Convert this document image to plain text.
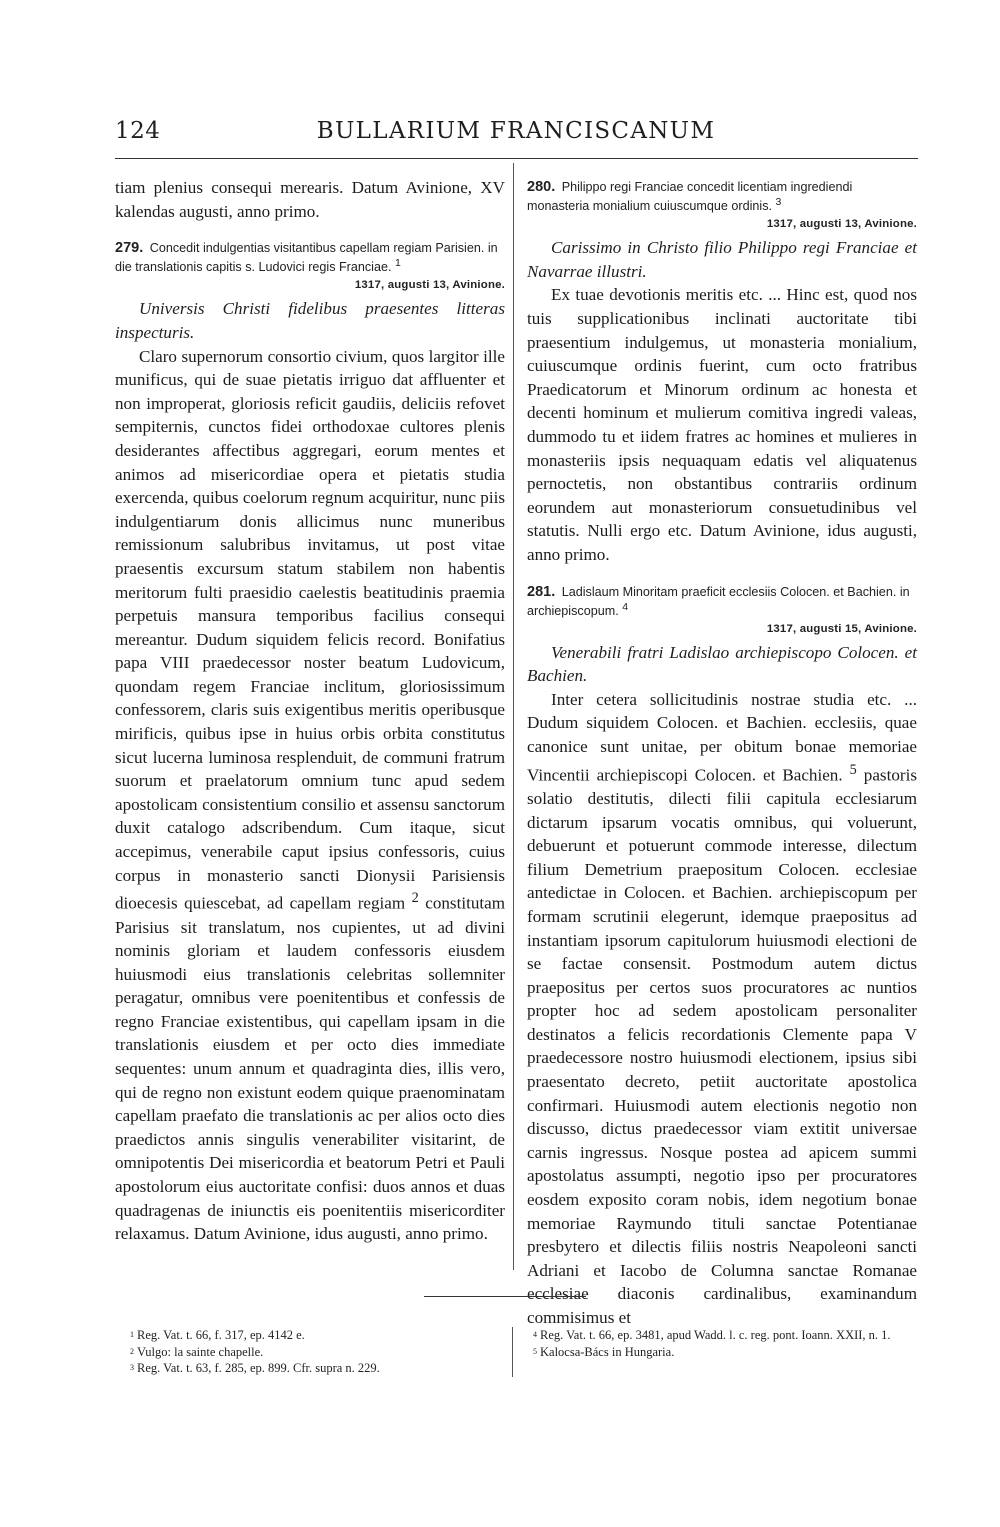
124	BULLARIUM FRANCISCANUM

tiam plenius consequi merearis. Datum Avinione, XV kalendas augusti, anno primo.

279. Concedit indulgentias visitantibus capellam regiam Parisien. in die translationis capitis s. Ludovici regis Franciae. $^1$

1317, augusti 13, Avinione.

Universis Christi fidelibus praesentes litteras inspecturis.

Claro supernorum consortio civium, quos largitor ille munificus, qui de suae pietatis irriguo dat affluenter et non improperat, gloriosis reficit gaudiis, deliciis refovet sempiternis, cunctos fidei orthodoxae cultores plenis desiderantes affectibus aggregari, eorum mentes et animos ad misericordiae opera et pietatis studia exercenda, quibus coelorum regnum acquiritur, nunc piis indulgentiarum donis allicimus nunc muneribus remissionum salubribus invitamus, ut post vitae praesentis excursum statum stabilem non habentis meritorum fulti praesidio caelestis beatitudinis praemia perpetuis mansura temporibus facilius consequi mereantur. Dudum siquidem felicis record. Bonifatius papa VIII praedecessor noster beatum Ludovicum, quondam regem Franciae inclitum, gloriosissimum confessorem, claris suis exigentibus meritis operibusque mirificis, quibus ipse in huius orbis orbita constitutus sicut lucerna luminosa resplenduit, de communi fratrum suorum et praelatorum omnium tunc apud sedem apostolicam consistentium consilio et assensu sanctorum duxit catalogo adscribendum. Cum itaque, sicut accepimus, venerabile caput ipsius confessoris, cuius corpus in monasterio sancti Dionysii Parisiensis dioecesis quiescebat, ad capellam regiam $^2$ constitutam Parisius sit translatum, nos cupientes, ut ad divini nominis gloriam et laudem confessoris eiusdem huiusmodi eius translationis celebritas sollemniter peragatur, omnibus vere poenitentibus et confessis de regno Franciae existentibus, qui capellam ipsam in die translationis eiusdem et per octo dies immediate sequentes: unum annum et quadraginta dies, illis vero, qui de regno non existunt eodem quique praenominatam capellam praefato die translationis ac per alios octo dies praedictos annis singulis venerabiliter visitarint, de omnipotentis Dei misericordia et beatorum Petri et Pauli apostolorum eius auctoritate confisi: duos annos et duas quadragenas de iniunctis eis poenitentiis misericorditer relaxamus. Datum Avinione, idus augusti, anno primo.

280. Philippo regi Franciae concedit licentiam ingrediendi monasteria monialium cuiuscumque ordinis. $^3$

1317, augusti 13, Avinione.

Carissimo in Christo filio Philippo regi Franciae et Navarrae illustri.

Ex tuae devotionis meritis etc. ... Hinc est, quod nos tuis supplicationibus inclinati auctoritate tibi praesentium indulgemus, ut monasteria monialium, cuiuscumque ordinis fuerint, cum octo fratribus Praedicatorum et Minorum ordinum ac honesta et decenti hominum et mulierum comitiva ingredi valeas, dummodo tu et iidem fratres ac homines et mulieres in monasteriis ipsis nequaquam edatis vel aliquatenus pernoctetis, non obstantibus contrariis ordinum eorundem aut monasteriorum consuetudinibus vel statutis. Nulli ergo etc. Datum Avinione, idus augusti, anno primo.

281. Ladislaum Minoritam praeficit ecclesiis Colocen. et Bachien. in archiepiscopum. $^4$

1317, augusti 15, Avinione.

Venerabili fratri Ladislao archiepiscopo Colocen. et Bachien.

Inter cetera sollicitudinis nostrae studia etc. ... Dudum siquidem Colocen. et Bachien. ecclesiis, quae canonice sunt unitae, per obitum bonae memoriae Vincentii archiepiscopi Colocen. et Bachien. $^5$ pastoris solatio destitutis, dilecti filii capitula ecclesiarum dictarum ipsarum vocatis omnibus, qui voluerunt, debuerunt et potuerunt commode interesse, dilectum filium Demetrium praepositum Colocen. ecclesiae antedictae in Colocen. et Bachien. archiepiscopum per formam scrutinii elegerunt, idemque praepositus ad instantiam ipsorum capitulorum huiusmodi electioni de se factae consensit. Postmodum autem dictus praepositus per certos suos procuratores ac nuntios propter hoc ad sedem apostolicam personaliter destinatos a felicis recordationis Clemente papa V praedecessore nostro huiusmodi electionem, ipsius sibi praesentato decreto, petiit auctoritate apostolica confirmari. Huiusmodi autem electionis negotio non discusso, dictus praedecessor viam extitit universae carnis ingressus. Nosque postea ad apicem summi apostolatus assumpti, negotio ipso per procuratores eosdem exposito coram nobis, idem negotium bonae memoriae Raymundo tituli sanctae Potentianae presbytero et dilectis filiis nostris Neapoleoni sancti Adriani et Iacobo de Columna sanctae Romanae ecclesiae diaconis cardinalibus, examinandum commisimus et

$^1$ Reg. Vat. t. 66, f. 317, ep. 4142 e.

$^2$ Vulgo: la sainte chapelle.

$^3$ Reg. Vat. t. 63, f. 285, ep. 899. Cfr. supra n. 229.

$^4$ Reg. Vat. t. 66, ep. 3481, apud Wadd. l. c. reg. pont. Ioann. XXII, n. 1.

$^5$ Kalocsa-Bács in Hungaria.
